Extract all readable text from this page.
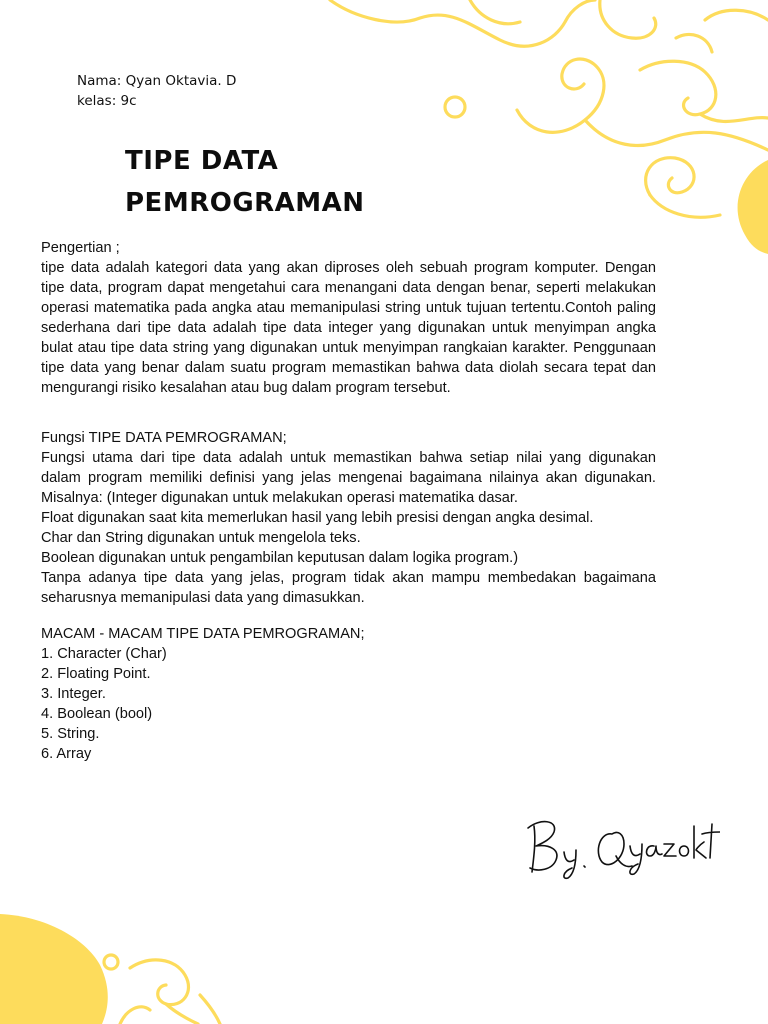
Nama: Qyan Oktavia. D
kelas: 9c
TIPE DATA
PEMROGRAMAN

Pengertian ;

tipe data adalah kategori data yang akan diproses oleh sebuah program komputer. Dengan tipe data, program dapat mengetahui cara menangani data dengan benar, seperti melakukan operasi matematika pada angka atau memanipulasi string untuk tujuan tertentu.Contoh paling sederhana dari tipe data adalah tipe data integer yang digunakan untuk menyimpan angka bulat atau tipe data string yang digunakan untuk menyimpan rangkaian karakter. Penggunaan tipe data yang benar dalam suatu program memastikan bahwa data diolah secara tepat dan mengurangi risiko kesalahan atau bug dalam program tersebut.

Fungsi TIPE DATA PEMROGRAMAN;

Fungsi utama dari tipe data adalah untuk memastikan bahwa setiap nilai yang digunakan dalam program memiliki definisi yang jelas mengenai bagaimana nilainya akan digunakan. Misalnya: (Integer digunakan untuk melakukan operasi matematika dasar.

Float digunakan saat kita memerlukan hasil yang lebih presisi dengan angka desimal.

Char dan String digunakan untuk mengelola teks.

Boolean digunakan untuk pengambilan keputusan dalam logika program.)

Tanpa adanya tipe data yang jelas, program tidak akan mampu membedakan bagaimana seharusnya memanipulasi data yang dimasukkan.

MACAM - MACAM TIPE DATA PEMROGRAMAN;

1. Character (Char)
2. Floating Point.
3. Integer.
4. Boolean (bool)
5. String.
6. Array
